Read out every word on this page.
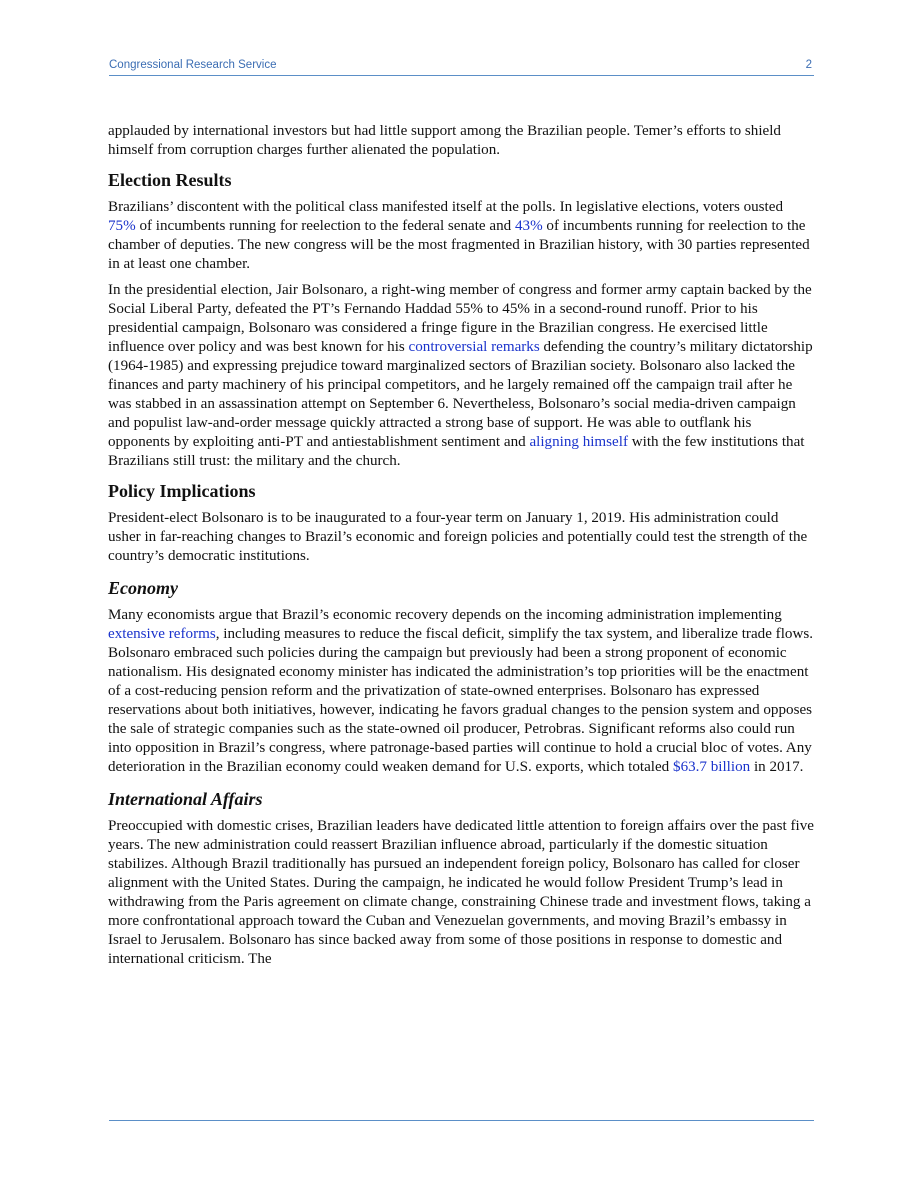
Congressional Research Service	2

applauded by international investors but had little support among the Brazilian people. Temer’s efforts to shield himself from corruption charges further alienated the population.

Election Results

Brazilians’ discontent with the political class manifested itself at the polls. In legislative elections, voters ousted 75% of incumbents running for reelection to the federal senate and 43% of incumbents running for reelection to the chamber of deputies. The new congress will be the most fragmented in Brazilian history, with 30 parties represented in at least one chamber.

In the presidential election, Jair Bolsonaro, a right-wing member of congress and former army captain backed by the Social Liberal Party, defeated the PT’s Fernando Haddad 55% to 45% in a second-round runoff. Prior to his presidential campaign, Bolsonaro was considered a fringe figure in the Brazilian congress. He exercised little influence over policy and was best known for his controversial remarks defending the country’s military dictatorship (1964-1985) and expressing prejudice toward marginalized sectors of Brazilian society. Bolsonaro also lacked the finances and party machinery of his principal competitors, and he largely remained off the campaign trail after he was stabbed in an assassination attempt on September 6. Nevertheless, Bolsonaro’s social media-driven campaign and populist law-and-order message quickly attracted a strong base of support. He was able to outflank his opponents by exploiting anti-PT and antiestablishment sentiment and aligning himself with the few institutions that Brazilians still trust: the military and the church.

Policy Implications

President-elect Bolsonaro is to be inaugurated to a four-year term on January 1, 2019. His administration could usher in far-reaching changes to Brazil’s economic and foreign policies and potentially could test the strength of the country’s democratic institutions.

Economy

Many economists argue that Brazil’s economic recovery depends on the incoming administration implementing extensive reforms, including measures to reduce the fiscal deficit, simplify the tax system, and liberalize trade flows. Bolsonaro embraced such policies during the campaign but previously had been a strong proponent of economic nationalism. His designated economy minister has indicated the administration’s top priorities will be the enactment of a cost-reducing pension reform and the privatization of state-owned enterprises. Bolsonaro has expressed reservations about both initiatives, however, indicating he favors gradual changes to the pension system and opposes the sale of strategic companies such as the state-owned oil producer, Petrobras. Significant reforms also could run into opposition in Brazil’s congress, where patronage-based parties will continue to hold a crucial bloc of votes. Any deterioration in the Brazilian economy could weaken demand for U.S. exports, which totaled $63.7 billion in 2017.

International Affairs

Preoccupied with domestic crises, Brazilian leaders have dedicated little attention to foreign affairs over the past five years. The new administration could reassert Brazilian influence abroad, particularly if the domestic situation stabilizes. Although Brazil traditionally has pursued an independent foreign policy, Bolsonaro has called for closer alignment with the United States. During the campaign, he indicated he would follow President Trump’s lead in withdrawing from the Paris agreement on climate change, constraining Chinese trade and investment flows, taking a more confrontational approach toward the Cuban and Venezuelan governments, and moving Brazil’s embassy in Israel to Jerusalem. Bolsonaro has since backed away from some of those positions in response to domestic and international criticism. The
